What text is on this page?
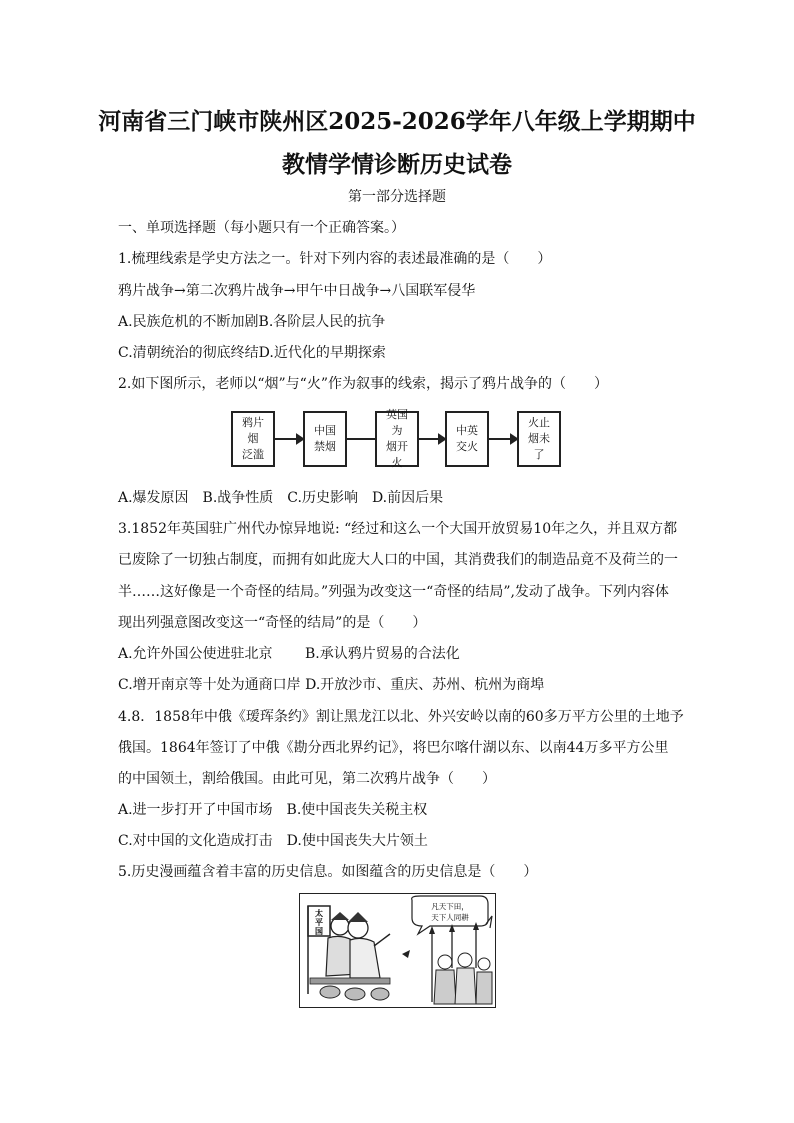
河南省三门峡市陕州区2025-2026学年八年级上学期期中
教情学情诊断历史试卷
第一部分选择题
一、单项选择题（每小题只有一个正确答案。）
1.梳理线索是学史方法之一。针对下列内容的表述最准确的是（　　）
鸦片战争→第二次鸦片战争→甲午中日战争→八国联军侵华
A.民族危机的不断加剧B.各阶层人民的抗争
C.清朝统治的彻底终结D.近代化的早期探索
2.如下图所示，老师以“烟”与“火”作为叙事的线索，揭示了鸦片战争的（　　）
鸦片烟
泛滥
中国
禁烟
英国为
烟开火
中英
交火
火止
烟未了
A.爆发原因　B.战争性质　C.历史影响　D.前因后果
3.1852年英国驻广州代办惊异地说: “经过和这么一个大国开放贸易10年之久，并且双方都
已废除了一切独占制度，而拥有如此庞大人口的中国，其消费我们的制造品竟不及荷兰的一
半……这好像是一个奇怪的结局。”列强为改变这一“奇怪的结局”,发动了战争。下列内容体
现出列强意图改变这一“奇怪的结局”的是（　　）
A.允许外国公使进驻北京　　 B.承认鸦片贸易的合法化
C.增开南京等十处为通商口岸 D.开放沙市、重庆、苏州、杭州为商埠
4.8．1858年中俄《瑷珲条约》割让黑龙江以北、外兴安岭以南的60多万平方公里的土地予
俄国。1864年签订了中俄《勘分西北界约记》，将巴尔喀什湖以东、以南44万多平方公里
的中国领土，割给俄国。由此可见，第二次鸦片战争（　　）
A.进一步打开了中国市场　B.使中国丧失关税主权
C.对中国的文化造成打击　D.使中国丧失大片领土
5.历史漫画蕴含着丰富的历史信息。如图蕴含的历史信息是（　　）
太
平
国
凡天下田，
天下人同耕
